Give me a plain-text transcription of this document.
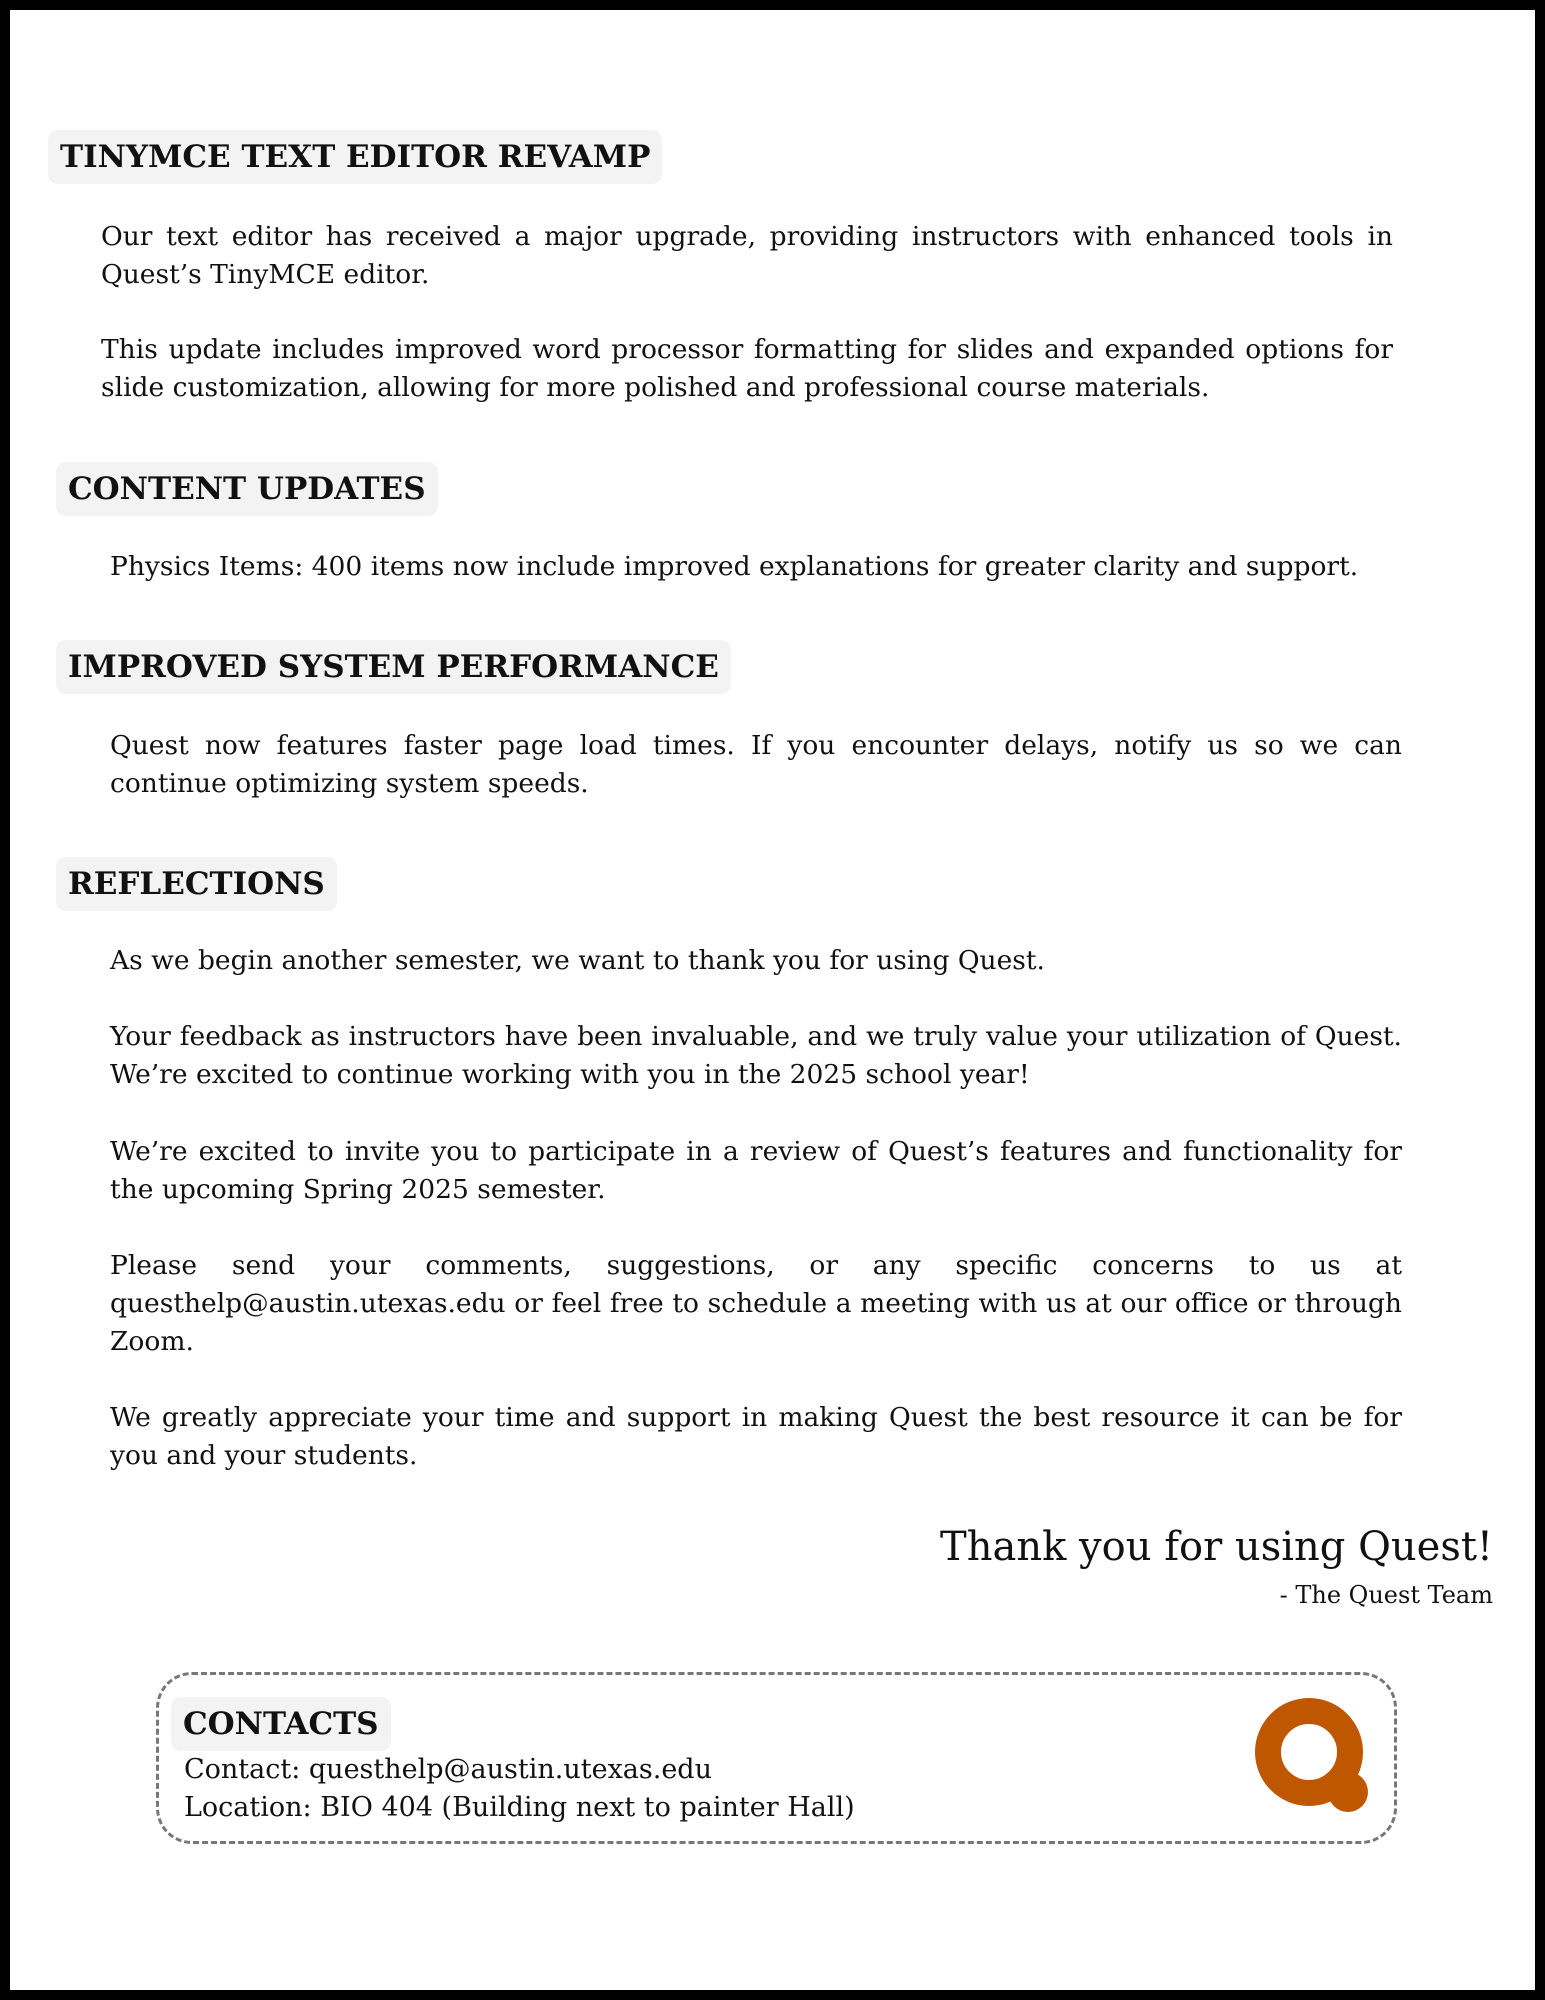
TINYMCE TEXT EDITOR REVAMP

Our text editor has received a major upgrade, providing instructors with enhanced tools in Quest’s TinyMCE editor.

This update includes improved word processor formatting for slides and expanded options for slide customization, allowing for more polished and professional course materials.

CONTENT UPDATES

Physics Items: 400 items now include improved explanations for greater clarity and support.

IMPROVED SYSTEM PERFORMANCE

Quest now features faster page load times. If you encounter delays, notify us so we can continue optimizing system speeds.

REFLECTIONS

As we begin another semester, we want to thank you for using Quest.

Your feedback as instructors have been invaluable, and we truly value your utilization of Quest. We’re excited to continue working with you in the 2025 school year!

We’re excited to invite you to participate in a review of Quest’s features and functionality for the upcoming Spring 2025 semester.

Please send your comments, suggestions, or any specific concerns to us at questhelp@austin.utexas.edu or feel free to schedule a meeting with us at our office or through Zoom.

We greatly appreciate your time and support in making Quest the best resource it can be for you and your students.

Thank you for using Quest!
- The Quest Team
CONTACTS
Contact: questhelp@austin.utexas.edu
Location: BIO 404 (Building next to painter Hall)
